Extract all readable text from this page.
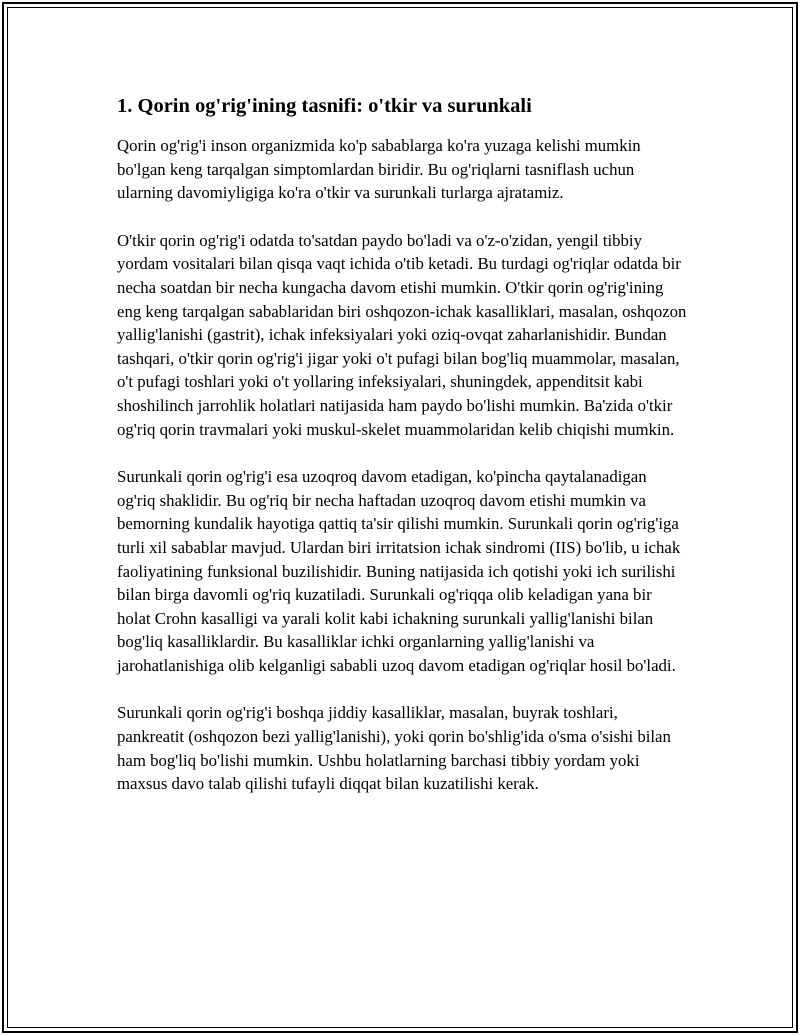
1. Qorin og'rig'ining tasnifi: o'tkir va surunkali

Qorin og'rig'i inson organizmida ko'p sabablarga ko'ra yuzaga kelishi mumkin bo'lgan keng tarqalgan simptomlardan biridir. Bu og'riqlarni tasniflash uchun ularning davomiyligiga ko'ra o'tkir va surunkali turlarga ajratamiz.

O'tkir qorin og'rig'i odatda to'satdan paydo bo'ladi va o'z-o'zidan, yengil tibbiy yordam vositalari bilan qisqa vaqt ichida o'tib ketadi. Bu turdagi og'riqlar odatda bir necha soatdan bir necha kungacha davom etishi mumkin. O'tkir qorin og'rig'ining eng keng tarqalgan sabablaridan biri oshqozon-ichak kasalliklari, masalan, oshqozon yallig'lanishi (gastrit), ichak infeksiyalari yoki oziq-ovqat zaharlanishidir. Bundan tashqari, o'tkir qorin og'rig'i jigar yoki o't pufagi bilan bog'liq muammolar, masalan, o't pufagi toshlari yoki o't yollaring infeksiyalari, shuningdek, appenditsit kabi shoshilinch jarrohlik holatlari natijasida ham paydo bo'lishi mumkin. Ba'zida o'tkir og'riq qorin travmalari yoki muskul-skelet muammolaridan kelib chiqishi mumkin.

Surunkali qorin og'rig'i esa uzoqroq davom etadigan, ko'pincha qaytalanadigan og'riq shaklidir. Bu og'riq bir necha haftadan uzoqroq davom etishi mumkin va bemorning kundalik hayotiga qattiq ta'sir qilishi mumkin. Surunkali qorin og'rig'iga turli xil sabablar mavjud. Ulardan biri irritatsion ichak sindromi (IIS) bo'lib, u ichak faoliyatining funksional buzilishidir. Buning natijasida ich qotishi yoki ich surilishi bilan birga davomli og'riq kuzatiladi. Surunkali og'riqqa olib keladigan yana bir holat Crohn kasalligi va yarali kolit kabi ichakning surunkali yallig'lanishi bilan bog'liq kasalliklardir. Bu kasalliklar ichki organlarning yallig'lanishi va jarohatlanishiga olib kelganligi sababli uzoq davom etadigan og'riqlar hosil bo'ladi.

Surunkali qorin og'rig'i boshqa jiddiy kasalliklar, masalan, buyrak toshlari, pankreatit (oshqozon bezi yallig'lanishi), yoki qorin bo'shlig'ida o'sma o'sishi bilan ham bog'liq bo'lishi mumkin. Ushbu holatlarning barchasi tibbiy yordam yoki maxsus davo talab qilishi tufayli diqqat bilan kuzatilishi kerak.
